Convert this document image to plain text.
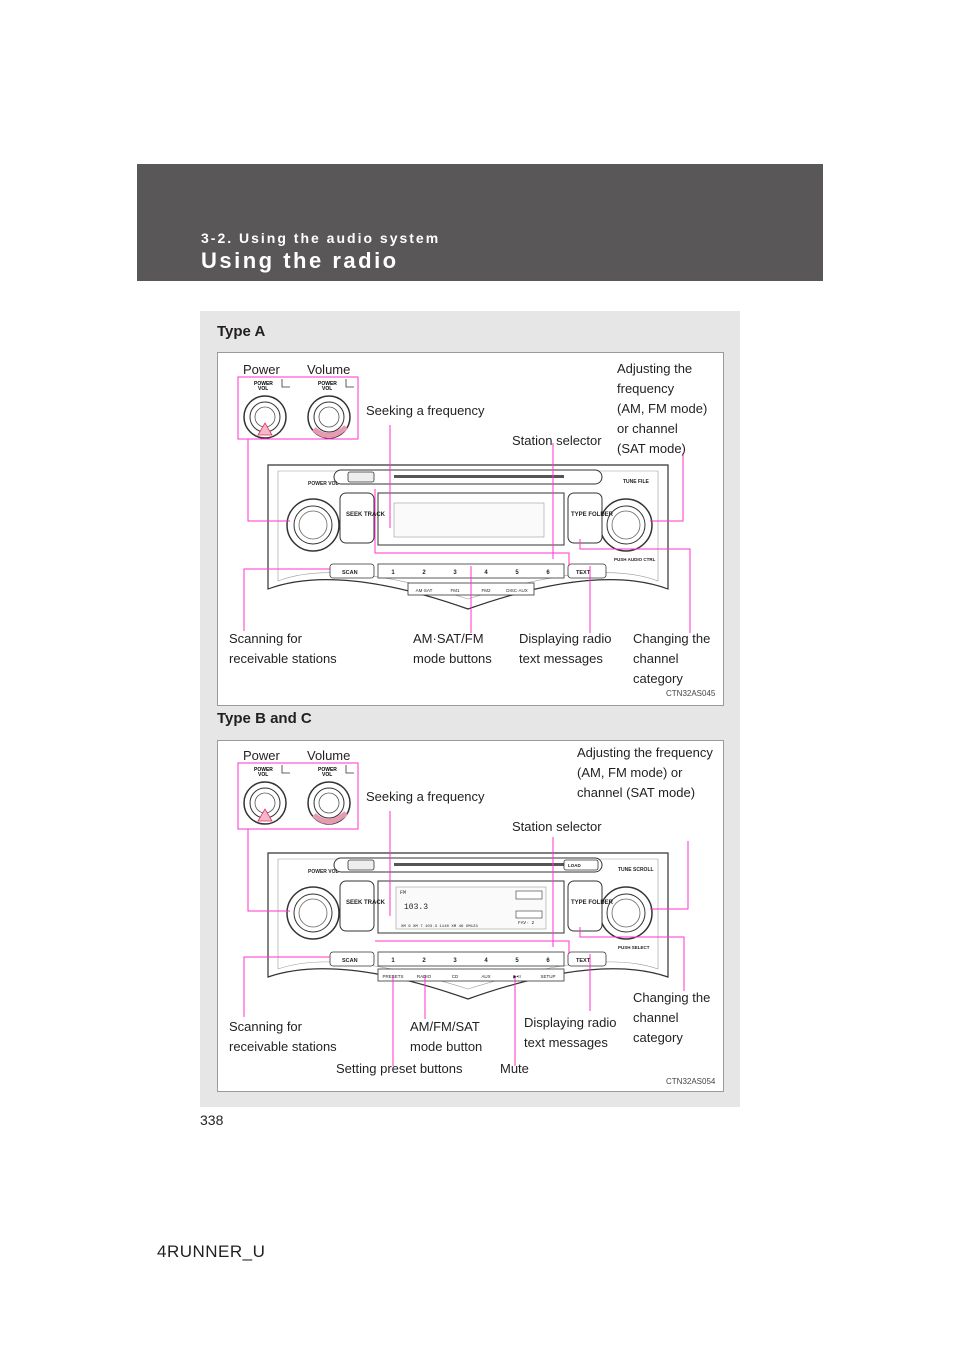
3-2. Using the audio system
Using the radio
Type A
POWER
VOL
POWER
VOL
POWER VOL
SEEK TRACK	TYPE FOLDER
TUNE FILE
PUSH AUDIO CTRL
SCAN	TEXT
1	2	3	4	5	6
AM·SAT	FM1	FM2	DISC·AUX
Power Volume
Seeking a frequency
Station selector
Adjusting the
frequency
(AM, FM mode)
or channel
(SAT mode)
Scanning for
receivable stations
AM·SAT/FM
mode buttons
Displaying radio
text messages
Changing the
channel
category
CTN32AS045
Type B and C
POWER
VOL
POWER
VOL
POWER VOL
SEEK TRACK	TYPE FOLDER
TUNE SCROLL
LOAD
PUSH SELECT
SCAN	TEXT
FM
103.3
FAV· 2
XM 6 XM 7 103.3 1140 XM 46 XM123
1	2	3	4	5	6
PRESETS	RADIO	CD	AUX	▶•II	SETUP
Power Volume
Seeking a frequency
Station selector
Adjusting the frequency
(AM, FM mode) or
channel (SAT mode)
Scanning for
receivable stations
AM/FM/SAT
mode button
Displaying radio
text messages
Changing the
channel
category
Setting preset buttons	Mute
CTN32AS054
338
4RUNNER_U
